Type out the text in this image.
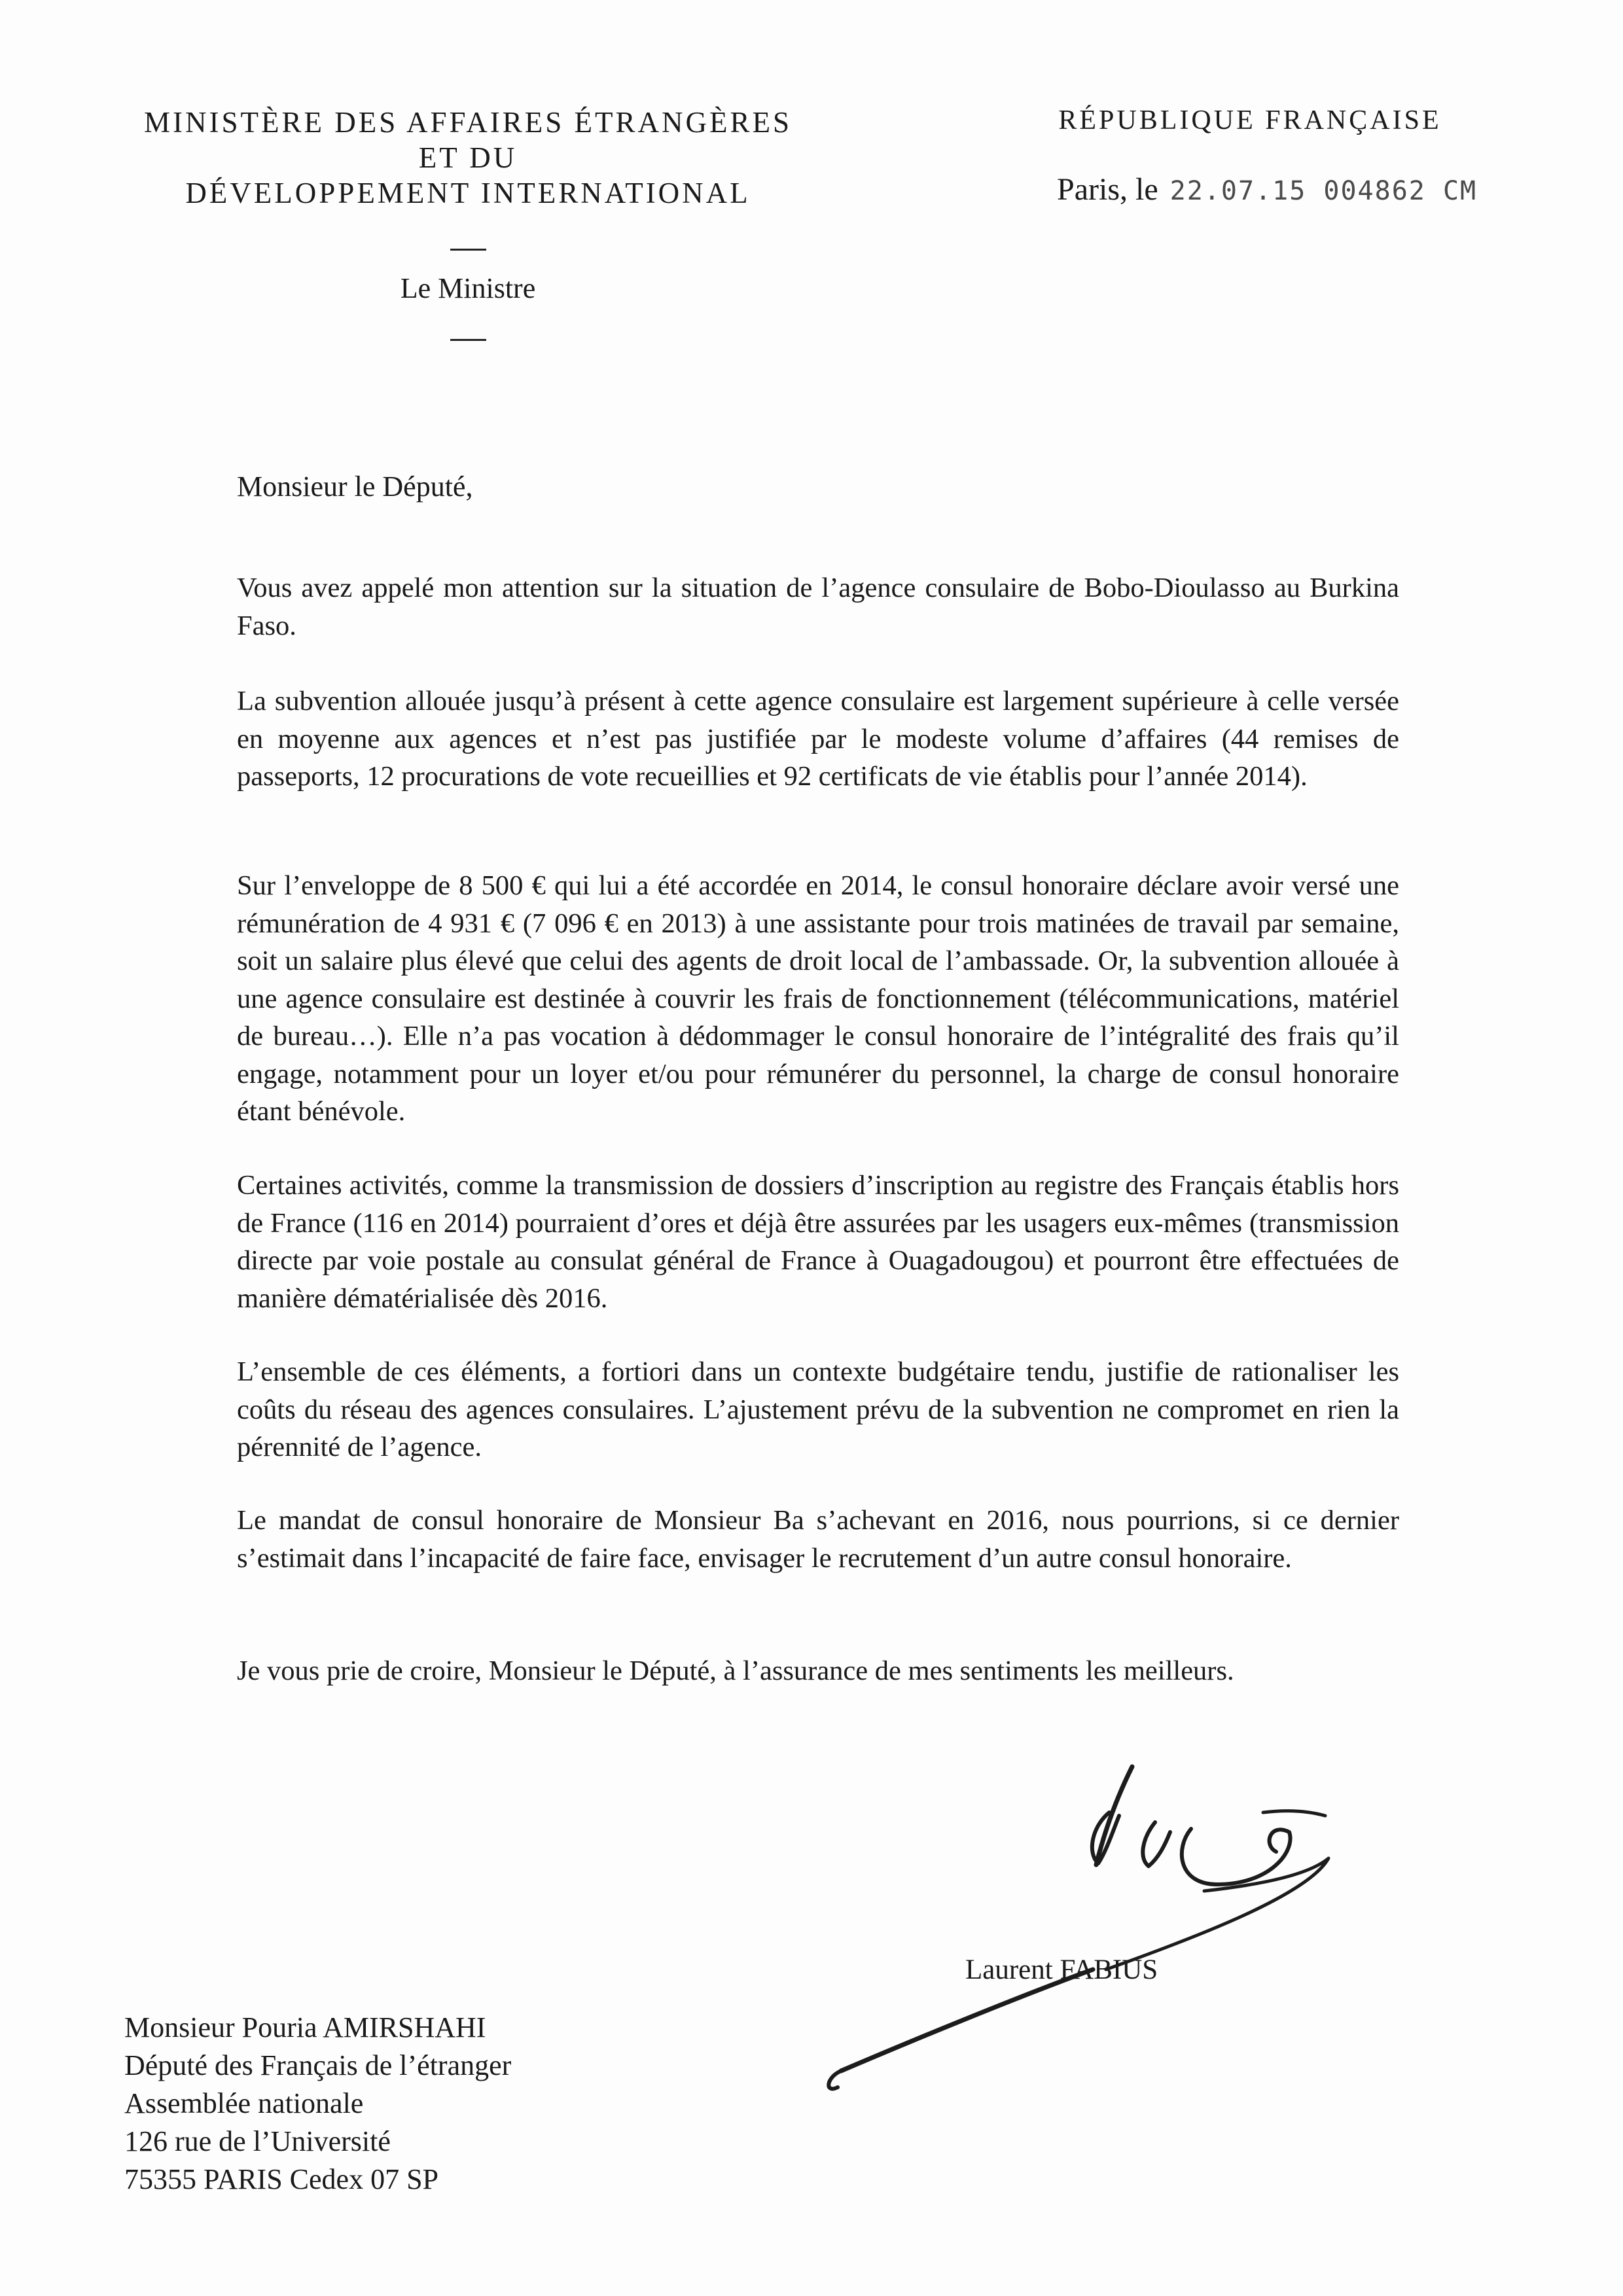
MINISTÈRE DES AFFAIRES ÉTRANGÈRES
ET DU
DÉVELOPPEMENT INTERNATIONAL
Le Ministre
RÉPUBLIQUE FRANÇAISE
Paris, le 22.07.15 004862 CM
Monsieur le Député,

Vous avez appelé mon attention sur la situation de l’agence consulaire de Bobo-Dioulasso au Burkina Faso.

La subvention allouée jusqu’à présent à cette agence consulaire est largement supérieure à celle versée en moyenne aux agences et n’est pas justifiée par le modeste volume d’affaires (44 remises de passeports, 12 procurations de vote recueillies et 92 certificats de vie établis pour l’année 2014).

Sur l’enveloppe de 8 500 € qui lui a été accordée en 2014, le consul honoraire déclare avoir versé une rémunération de 4 931 € (7 096 € en 2013) à une assistante pour trois matinées de travail par semaine, soit un salaire plus élevé que celui des agents de droit local de l’ambassade. Or, la subvention allouée à une agence consulaire est destinée à couvrir les frais de fonctionnement (télécommunications, matériel de bureau…). Elle n’a pas vocation à dédommager le consul honoraire de l’intégralité des frais qu’il engage, notamment pour un loyer et/ou pour rémunérer du personnel, la charge de consul honoraire étant bénévole.

Certaines activités, comme la transmission de dossiers d’inscription au registre des Français établis hors de France (116 en 2014) pourraient d’ores et déjà être assurées par les usagers eux-mêmes (transmission directe par voie postale au consulat général de France à Ouagadougou) et pourront être effectuées de manière dématérialisée dès 2016.

L’ensemble de ces éléments, a fortiori dans un contexte budgétaire tendu, justifie de rationaliser les coûts du réseau des agences consulaires. L’ajustement prévu de la subvention ne compromet en rien la pérennité de l’agence.

Le mandat de consul honoraire de Monsieur Ba s’achevant en 2016, nous pourrions, si ce dernier s’estimait dans l’incapacité de faire face, envisager le recrutement d’un autre consul honoraire.

Je vous prie de croire, Monsieur le Député, à l’assurance de mes sentiments les meilleurs.

Laurent FABIUS
Monsieur Pouria AMIRSHAHI
Député des Français de l’étranger
Assemblée nationale
126 rue de l’Université
75355 PARIS Cedex 07 SP
